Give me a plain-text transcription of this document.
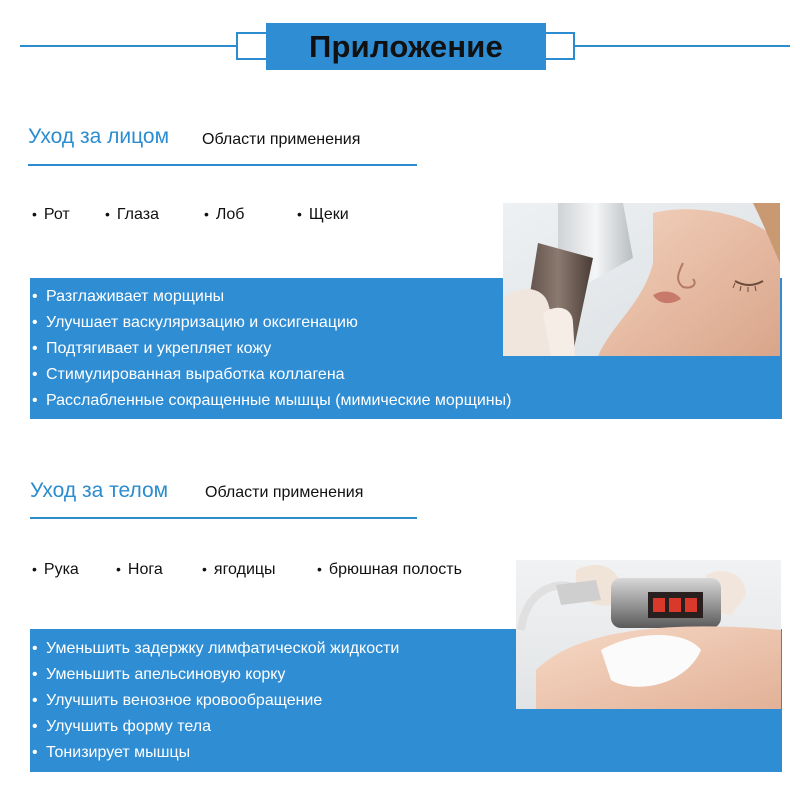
Приложение
Уход за лицом Области применения
• Рот	• Глаза	• Лоб	• Щеки
• Разглаживает морщины
• Улучшает васкуляризацию и оксигенацию
• Подтягивает и укрепляет кожу
• Стимулированная выработка коллагена
• Расслабленные сокращенные мышцы (мимические морщины)
Уход за телом Области применения
• Рука	• Нога	• ягодицы	• брюшная полость
• Уменьшить задержку лимфатической жидкости
• Уменьшить апельсиновую корку
• Улучшить венозное кровообращение
• Улучшить форму тела
• Тонизирует мышцы
